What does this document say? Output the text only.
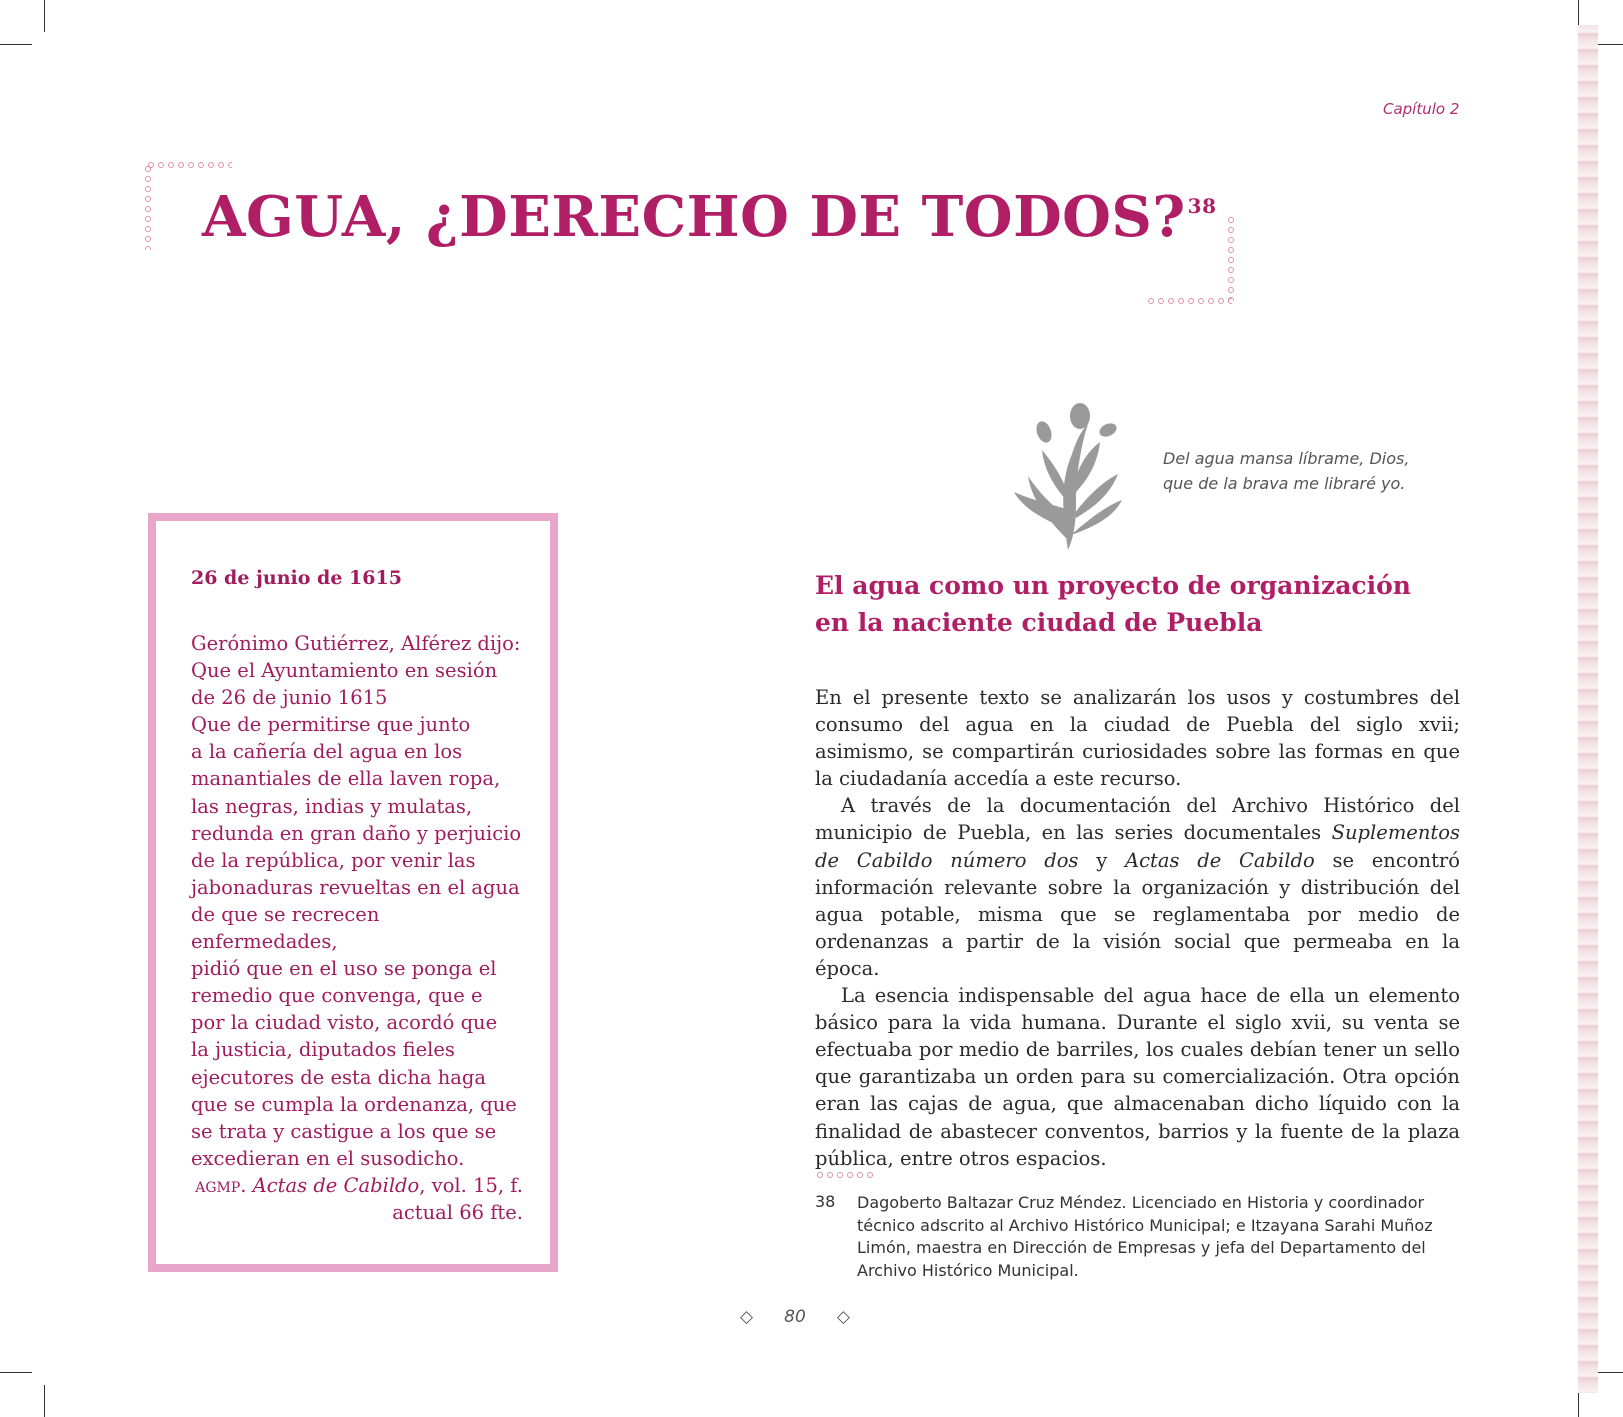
Capítulo 2
AGUA, ¿DERECHO DE TODOS? $^{38}$
Del agua mansa líbrame, Dios,
que de la brava me libraré yo.
26 de junio de 1615
Gerónimo Gutiérrez, Alférez dijo:
Que el Ayuntamiento en sesión
de 26 de junio 1615
Que de permitirse que junto
a la cañería del agua en los
manantiales de ella laven ropa,
las negras, indias y mulatas,
redunda en gran daño y perjuicio
de la república, por venir las
jabonaduras revueltas en el agua
de que se recrecen enfermedades,
pidió que en el uso se ponga el
remedio que convenga, que e
por la ciudad visto, acordó que
la justicia, diputados fieles
ejecutores de esta dicha haga
que se cumpla la ordenanza, que
se trata y castigue a los que se
excedieran en el susodicho.
agmp. Actas de Cabildo, vol. 15, f.
actual 66 fte.
El agua como un proyecto de organización en la naciente ciudad de Puebla

En el presente texto se analizarán los usos y costumbres del consumo del agua en la ciudad de Puebla del siglo xvii; asimismo, se compartirán curiosidades sobre las formas en que la ciudadanía accedía a este recurso.

A través de la documentación del Archivo Histórico del municipio de Puebla, en las series documentales Suplementos de Cabildo número dos y Actas de Cabildo se encontró información relevante sobre la organización y distribución del agua potable, misma que se reglamentaba por medio de ordenanzas a partir de la visión social que permeaba en la época.

La esencia indispensable del agua hace de ella un elemento básico para la vida humana. Durante el siglo xvii, su venta se efectuaba por medio de barriles, los cuales debían tener un sello que garantizaba un orden para su comercialización. Otra opción eran las cajas de agua, que almacenaban dicho líquido con la finalidad de abastecer conventos, barrios y la fuente de la plaza pública, entre otros espacios.

38 Dagoberto Baltazar Cruz Méndez. Licenciado en Historia y coordinador técnico adscrito al Archivo Histórico Municipal; e Itzayana Sarahi Muñoz Limón, maestra en Dirección de Empresas y jefa del Departamento del Archivo Histórico Municipal.
◇ 80 ◇
